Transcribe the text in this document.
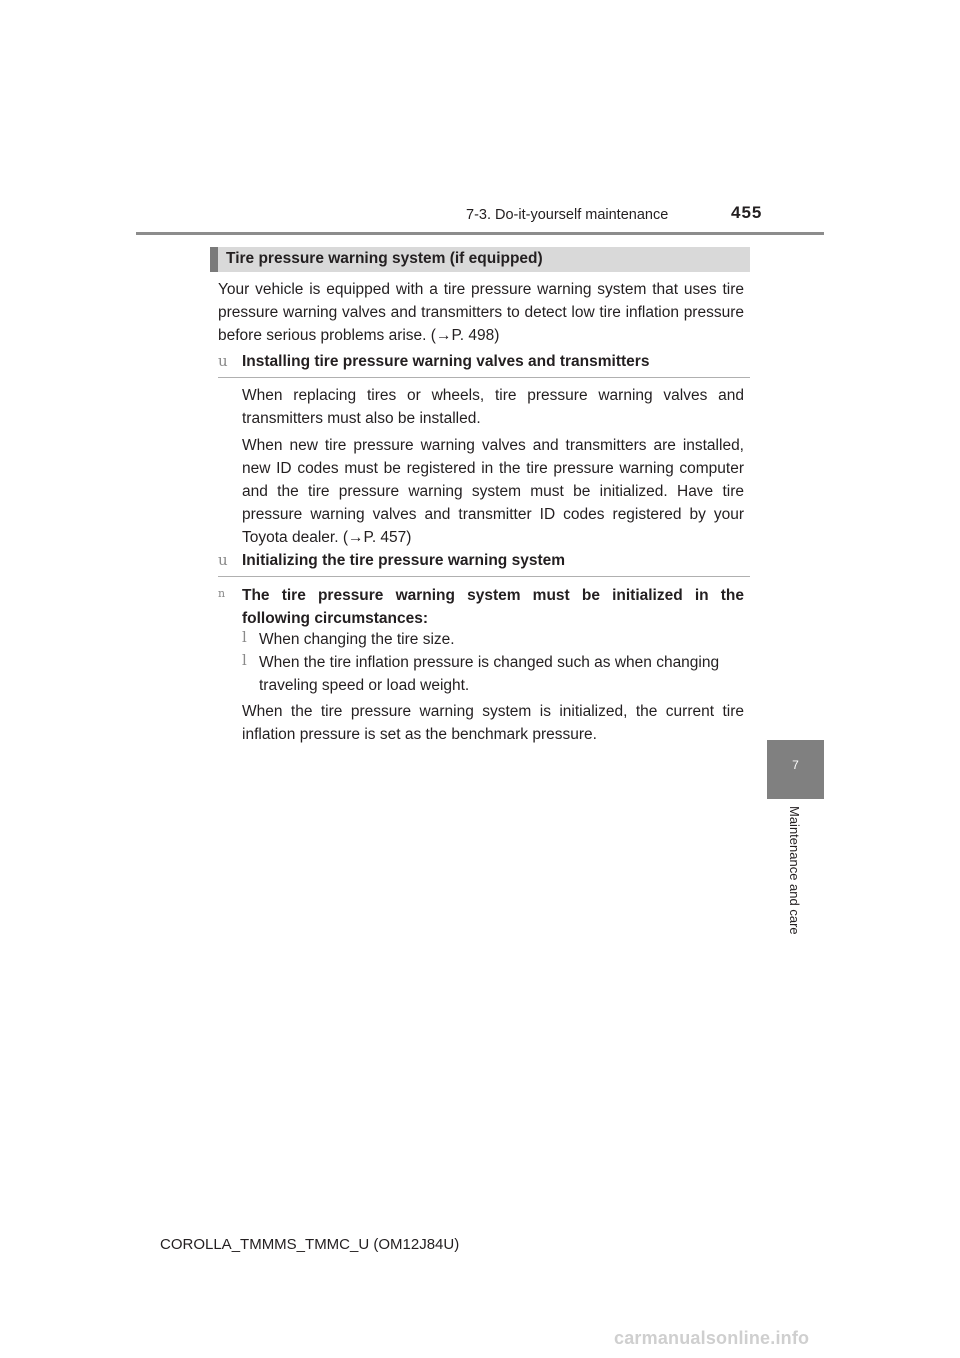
7-3. Do-it-yourself maintenance	455
Tire pressure warning system (if equipped)
Your vehicle is equipped with a tire pressure warning system that uses tire pressure warning valves and transmitters to detect low tire inflation pressure before serious problems arise. (→P. 498)
u Installing tire pressure warning valves and transmitters
When replacing tires or wheels, tire pressure warning valves and transmitters must also be installed.
When new tire pressure warning valves and transmitters are installed, new ID codes must be registered in the tire pressure warning computer and the tire pressure warning system must be initialized. Have tire pressure warning valves and transmitter ID codes registered by your Toyota dealer. (→P. 457)
u Initializing the tire pressure warning system
n The tire pressure warning system must be initialized in the following circumstances:
l When changing the tire size.
l When the tire inflation pressure is changed such as when changing traveling speed or load weight.
When the tire pressure warning system is initialized, the current tire inflation pressure is set as the benchmark pressure.
7
Maintenance and care
COROLLA_TMMMS_TMMC_U (OM12J84U)
carmanualsonline.info
